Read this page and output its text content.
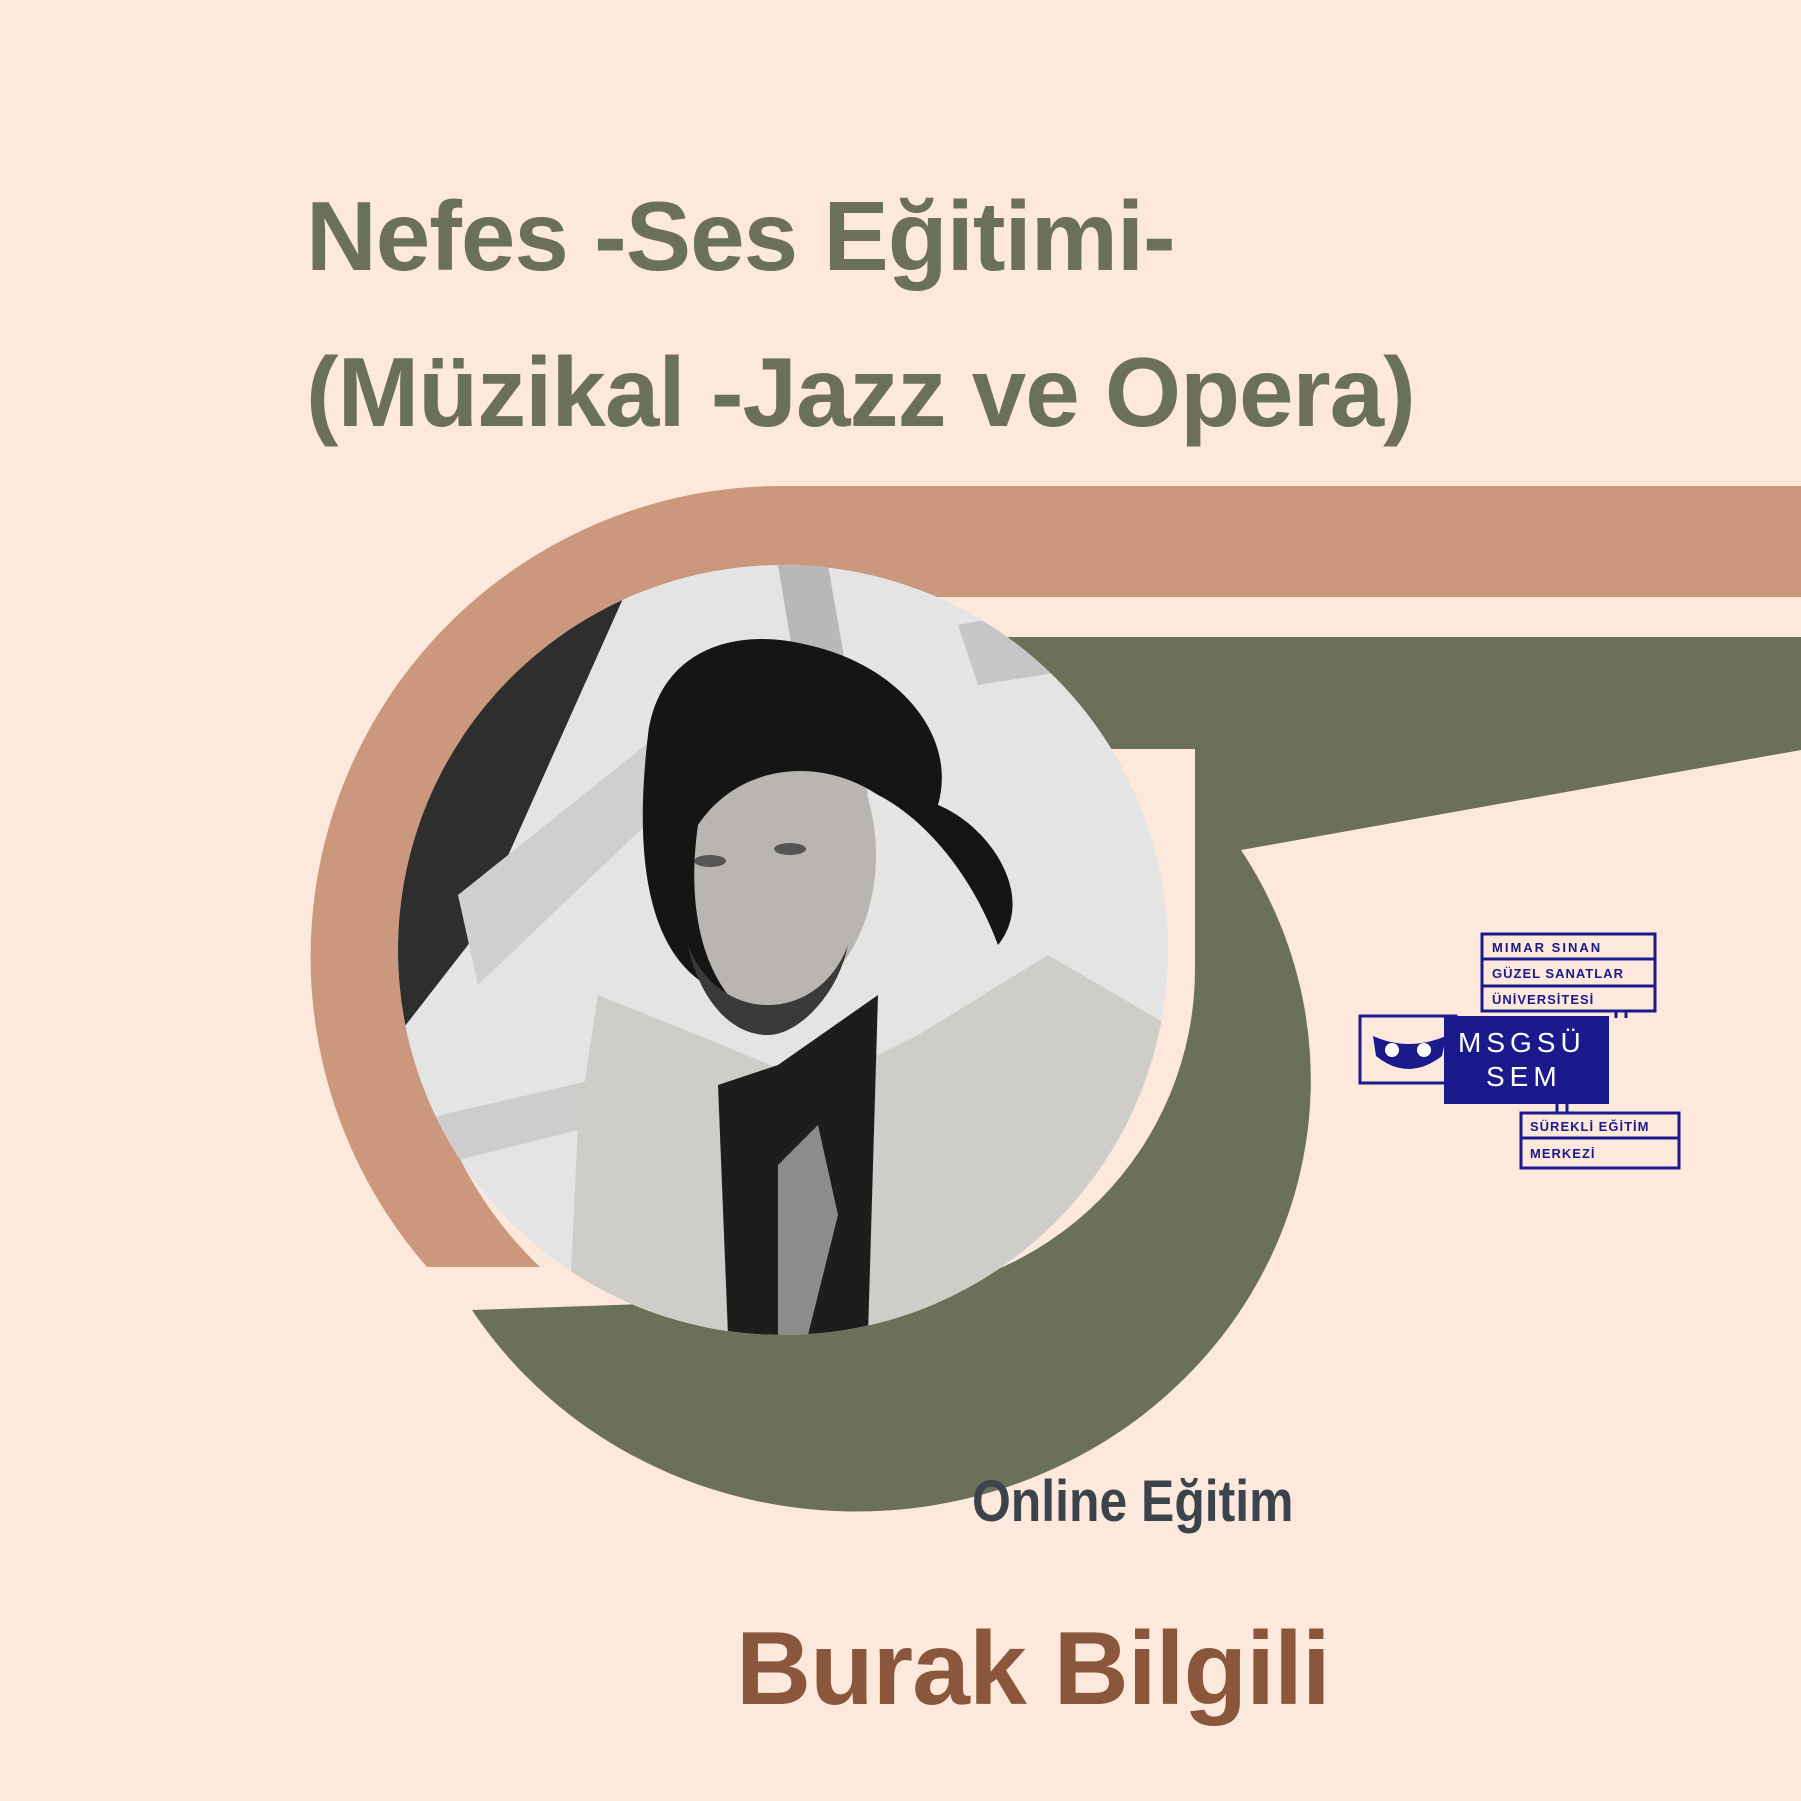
Nefes -Ses Eğitimi-
(Müzikal -Jazz ve Opera)
MIMAR SINAN
GÜZEL SANATLAR
ÜNİVERSİTESİ
MSGSÜ
SEM
SÜREKLİ EĞİTİM
MERKEZİ

Online Eğitim

Burak Bilgili
